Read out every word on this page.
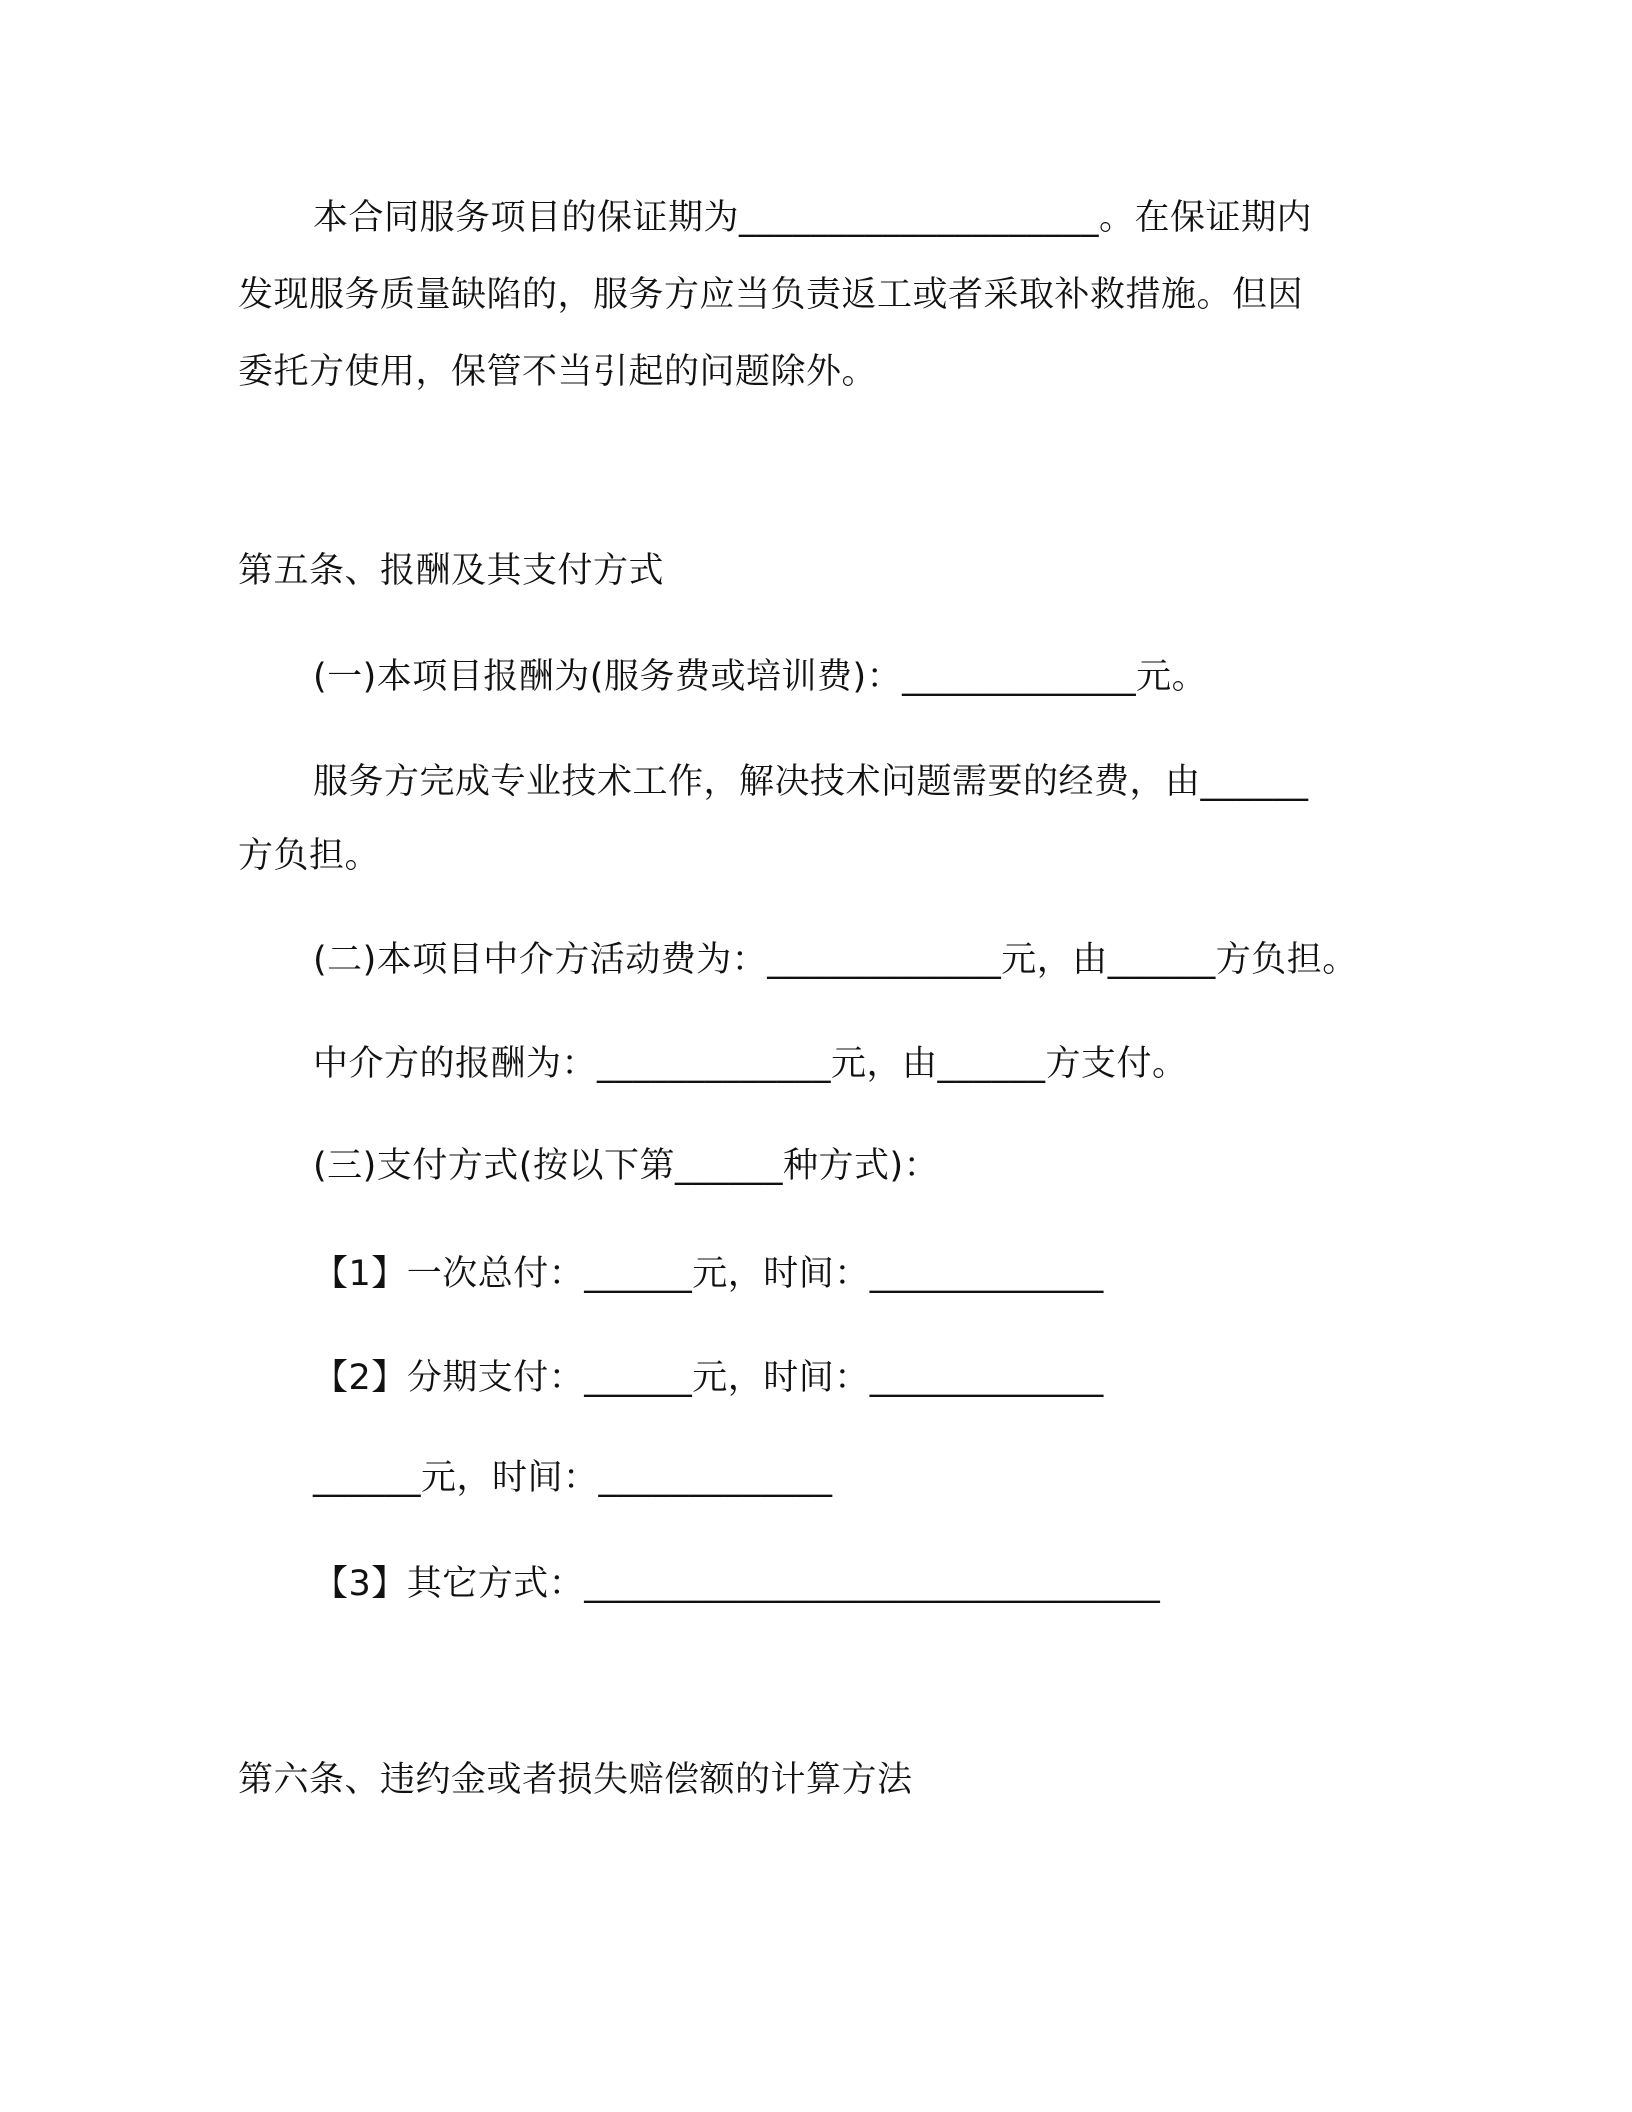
本合同服务项目的保证期为____________________。在保证期内
发现服务质量缺陷的，服务方应当负责返工或者采取补救措施。但因
委托方使用，保管不当引起的问题除外。
第五条、报酬及其支付方式
(一)本项目报酬为(服务费或培训费)：_____________元。
服务方完成专业技术工作，解决技术问题需要的经费，由______
方负担。
(二)本项目中介方活动费为：_____________元，由______方负担。
中介方的报酬为：_____________元，由______方支付。
(三)支付方式(按以下第______种方式)：
【1】一次总付：______元，时间：_____________
【2】分期支付：______元，时间：_____________
______元，时间：_____________
【3】其它方式：________________________________
第六条、违约金或者损失赔偿额的计算方法
